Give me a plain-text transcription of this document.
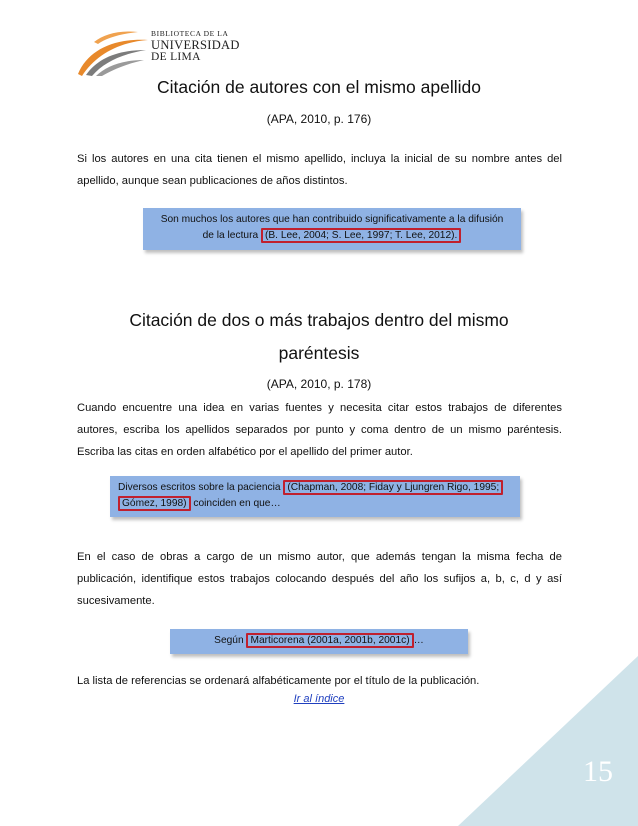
BIBLIOTECA DE LA
UNIVERSIDAD
DE LIMA
Citación de autores con el mismo apellido
(APA, 2010, p. 176)

Si los autores en una cita tienen el mismo apellido, incluya la inicial de su nombre antes del apellido, aunque sean publicaciones de años distintos.

Son muchos los autores que han contribuido significativamente a la difusión
de la lectura (B. Lee, 2004; S. Lee, 1997; T. Lee, 2012).
Citación de dos o más trabajos dentro del mismo
paréntesis
(APA, 2010, p. 178)

Cuando encuentre una idea en varias fuentes y necesita citar estos trabajos de diferentes autores, escriba los apellidos separados por punto y coma dentro de un mismo paréntesis. Escriba las citas en orden alfabético por el apellido del primer autor.

Diversos escritos sobre la paciencia (Chapman, 2008; Fiday y Ljungren Rigo, 1995;
Gómez, 1998) coinciden en que…

En el caso de obras a cargo de un mismo autor, que además tengan la misma fecha de publicación, identifique estos trabajos colocando después del año los sufijos a, b, c, d y así sucesivamente.

Según Marticorena (2001a, 2001b, 2001c) …

La lista de referencias se ordenará alfabéticamente por el título de la publicación.

Ir al índice
15
